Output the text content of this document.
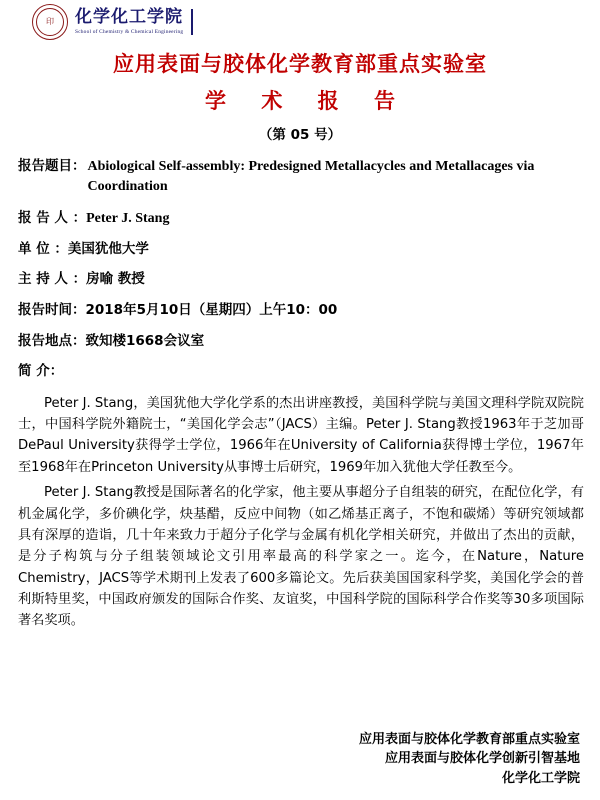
印	化学化工学院
School of Chemistry & Chemical Engineering
应用表面与胶体化学教育部重点实验室
学 术 报 告
（第 05 号）
报告题目： Abiological Self-assembly: Predesigned Metallacycles and Metallacages via Coordination
报 告 人 ： Peter J. Stang
单 位 ： 美国犹他大学
主 持 人 ： 房喻 教授
报告时间： 2018年5月10日（星期四）上午10：00
报告地点： 致知楼1668会议室
简 介：

Peter J. Stang，美国犹他大学化学系的杰出讲座教授，美国科学院与美国文理科学院双院院士，中国科学院外籍院士，“美国化学会志”（JACS）主编。Peter J. Stang教授1963年于芝加哥DePaul University获得学士学位，1966年在University of California获得博士学位，1967年至1968年在Princeton University从事博士后研究，1969年加入犹他大学任教至今。

Peter J. Stang教授是国际著名的化学家，他主要从事超分子自组装的研究，在配位化学，有机金属化学，多价碘化学，炔基醋，反应中间物（如乙烯基正离子，不饱和碳烯）等研究领域都具有深厚的造诣，几十年来致力于超分子化学与金属有机化学相关研究，并做出了杰出的贡献，是分子构筑与分子组装领域论文引用率最高的科学家之一。迄今，在Nature，Nature Chemistry，JACS等学术期刊上发表了600多篇论文。先后获美国国家科学奖，美国化学会的普利斯特里奖，中国政府颁发的国际合作奖、友谊奖，中国科学院的国际科学合作奖等30多项国际著名奖项。

应用表面与胶体化学教育部重点实验室
应用表面与胶体化学创新引智基地
化学化工学院
